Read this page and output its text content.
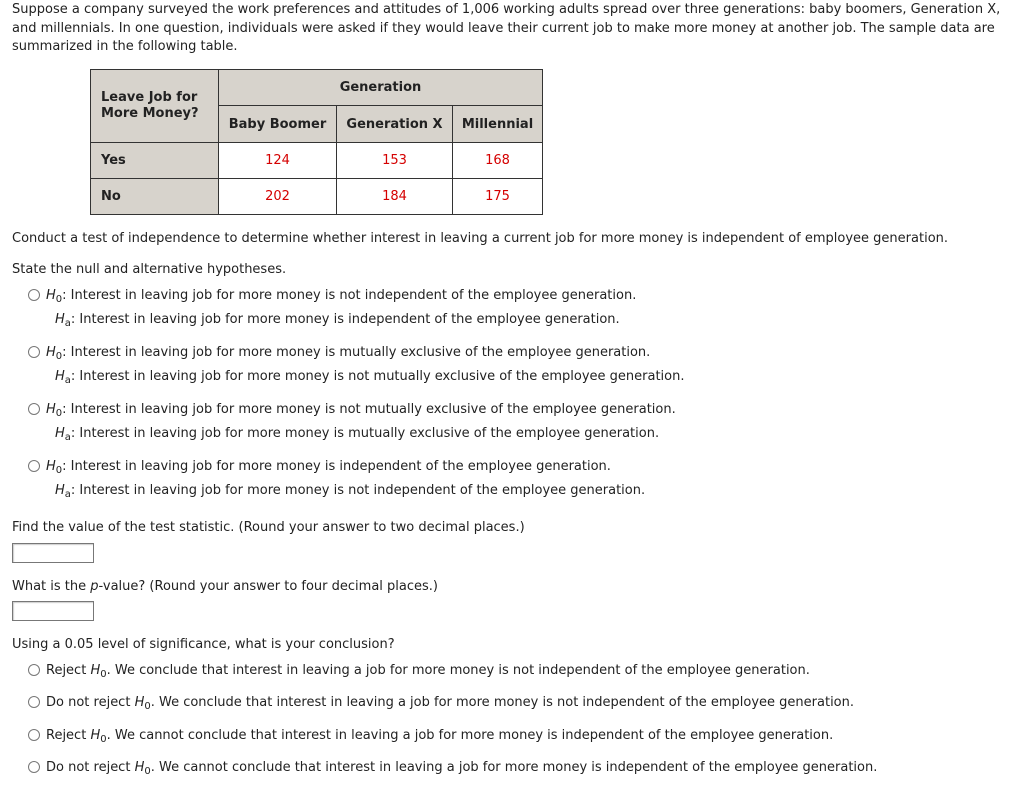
Suppose a company surveyed the work preferences and attitudes of 1,006 working adults spread over three generations: baby boomers, Generation X, and millennials. In one question, individuals were asked if they would leave their current job to make more money at another job. The sample data are summarized in the following table.
Leave Job for
More Money?	Generation		
	Baby Boomer	Generation X	Millennial
Yes	124	153	168
No	202	184	175
Conduct a test of independence to determine whether interest in leaving a current job for more money is independent of employee generation.
State the null and alternative hypotheses.
$H_0$: Interest in leaving job for more money is not independent of the employee generation.
$H_a$: Interest in leaving job for more money is independent of the employee generation.
$H_0$: Interest in leaving job for more money is mutually exclusive of the employee generation.
$H_a$: Interest in leaving job for more money is not mutually exclusive of the employee generation.
$H_0$: Interest in leaving job for more money is not mutually exclusive of the employee generation.
$H_a$: Interest in leaving job for more money is mutually exclusive of the employee generation.
$H_0$: Interest in leaving job for more money is independent of the employee generation.
$H_a$: Interest in leaving job for more money is not independent of the employee generation.
Find the value of the test statistic. (Round your answer to two decimal places.)
What is the p-value? (Round your answer to four decimal places.)
Using a 0.05 level of significance, what is your conclusion?
Reject $H_0$. We conclude that interest in leaving a job for more money is not independent of the employee generation.
Do not reject $H_0$. We conclude that interest in leaving a job for more money is not independent of the employee generation.
Reject $H_0$. We cannot conclude that interest in leaving a job for more money is independent of the employee generation.
Do not reject $H_0$. We cannot conclude that interest in leaving a job for more money is independent of the employee generation.
